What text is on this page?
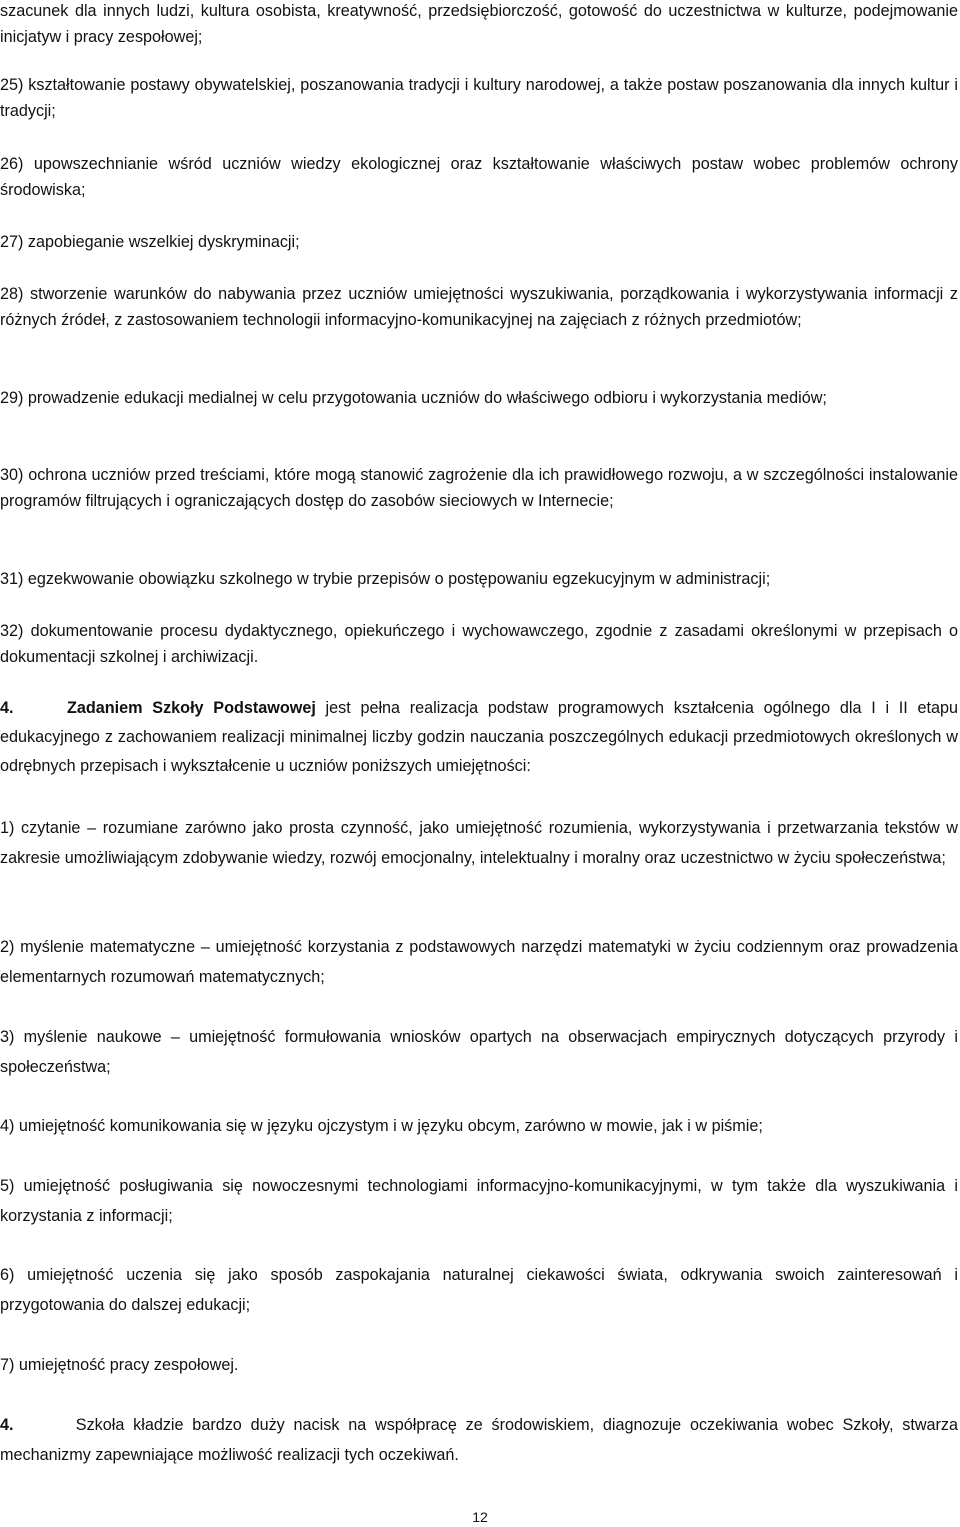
szacunek dla innych ludzi, kultura osobista, kreatywność, przedsiębiorczość, gotowość do uczestnictwa w kulturze, podejmowanie inicjatyw i pracy zespołowej;

25) kształtowanie postawy obywatelskiej, poszanowania tradycji i kultury narodowej, a także postaw poszanowania dla innych kultur i tradycji;

26) upowszechnianie wśród uczniów wiedzy ekologicznej oraz kształtowanie właściwych postaw wobec problemów ochrony środowiska;

27) zapobieganie wszelkiej dyskryminacji;

28) stworzenie warunków do nabywania przez uczniów umiejętności wyszukiwania, porządkowania i wykorzystywania informacji z różnych źródeł, z zastosowaniem technologii informacyjno-komunikacyjnej na zajęciach z różnych przedmiotów;

29) prowadzenie edukacji medialnej w celu przygotowania uczniów do właściwego odbioru i wykorzystania mediów;

30) ochrona uczniów przed treściami, które mogą stanowić zagrożenie dla ich prawidłowego rozwoju, a w szczególności instalowanie programów filtrujących i ograniczających dostęp do zasobów sieciowych w Internecie;

31) egzekwowanie obowiązku szkolnego w trybie przepisów o postępowaniu egzekucyjnym w administracji;

32) dokumentowanie procesu dydaktycznego, opiekuńczego i wychowawczego, zgodnie z zasadami określonymi w przepisach o dokumentacji szkolnej i archiwizacji.

4.	Zadaniem Szkoły Podstawowej jest pełna realizacja podstaw programowych kształcenia ogólnego dla I i II etapu edukacyjnego z zachowaniem realizacji minimalnej liczby godzin nauczania poszczególnych edukacji przedmiotowych określonych w odrębnych przepisach i wykształcenie u uczniów poniższych umiejętności:

1) czytanie – rozumiane zarówno jako prosta czynność, jako umiejętność rozumienia, wykorzystywania i przetwarzania tekstów w zakresie umożliwiającym zdobywanie wiedzy, rozwój emocjonalny, intelektualny i moralny oraz uczestnictwo w życiu społeczeństwa;

2) myślenie matematyczne – umiejętność korzystania z podstawowych narzędzi matematyki w życiu codziennym oraz prowadzenia elementarnych rozumowań matematycznych;

3) myślenie naukowe – umiejętność formułowania wniosków opartych na obserwacjach empirycznych dotyczących przyrody i społeczeństwa;

4) umiejętność komunikowania się w języku ojczystym i w języku obcym, zarówno w mowie, jak i w piśmie;

5) umiejętność posługiwania się nowoczesnymi technologiami informacyjno-komunikacyjnymi, w tym także dla wyszukiwania i korzystania z informacji;

6) umiejętność uczenia się jako sposób zaspokajania naturalnej ciekawości świata, odkrywania swoich zainteresowań i przygotowania do dalszej edukacji;

7) umiejętność pracy zespołowej.

4.	Szkoła kładzie bardzo duży nacisk na współpracę ze środowiskiem, diagnozuje oczekiwania wobec Szkoły, stwarza mechanizmy zapewniające możliwość realizacji tych oczekiwań.

12
